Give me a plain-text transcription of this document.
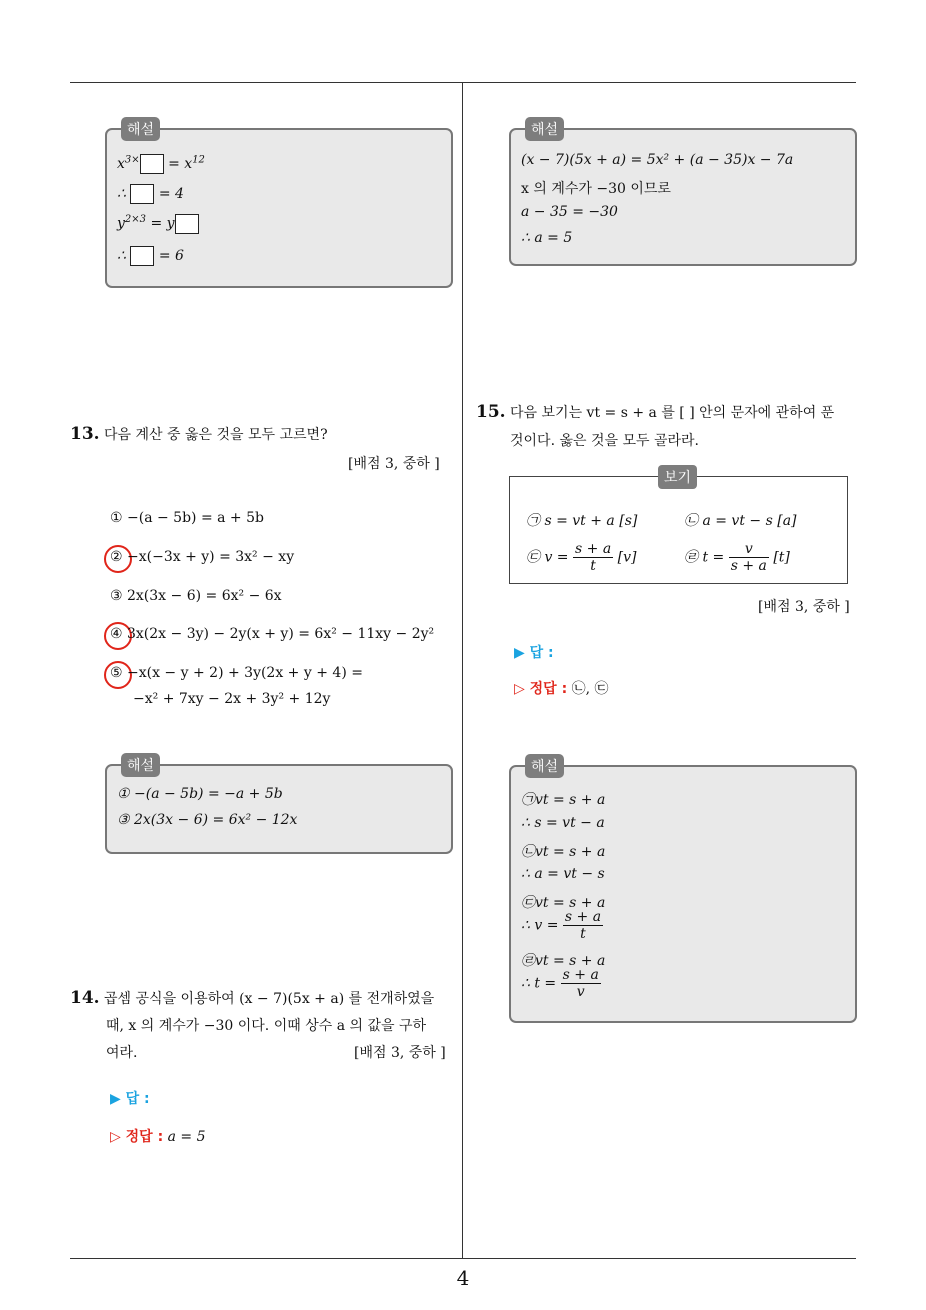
해설
$x^{3\times} = x^{12}$
∴ = 4
$y^{2\times 3} = y$
∴ = 6
해설
(x − 7)(5x + a) = 5x² + (a − 35)x − 7a
x 의 계수가 −30 이므로
a − 35 = −30
∴ a = 5
13. 다음 계산 중 옳은 것을 모두 고르면?
[배점 3, 중하 ]
① −(a − 5b) = a + 5b
② −x(−3x + y) = 3x² − xy
③ 2x(3x − 6) = 6x² − 6x
④ 3x(2x − 3y) − 2y(x + y) = 6x² − 11xy − 2y²
⑤ −x(x − y + 2) + 3y(2x + y + 4) =
−x² + 7xy − 2x + 3y² + 12y
해설
① −(a − 5b) = −a + 5b
③ 2x(3x − 6) = 6x² − 12x
14. 곱셈 공식을 이용하여 (x − 7)(5x + a) 를 전개하였을
때, x 의 계수가 −30 이다. 이때 상수 a 의 값을 구하
여라.	[배점 3, 중하 ]
▶ 답 :
▷ 정답 : a = 5
15. 다음 보기는 vt = s + a 를 [ ] 안의 문자에 관하여 푼
것이다. 옳은 것을 모두 골라라.
보기
㉠ s = vt + a [s]	㉡ a = vt − s [a]
㉢ $v = \frac{s + a}{t} [v]$	㉣ $t = \frac{v}{s + a} [t]$
[배점 3, 중하 ]
▶ 답 :
▷ 정답 : ㉡, ㉢
해설
㉠vt = s + a
∴ s = vt − a
㉡vt = s + a
∴ a = vt − s
㉢vt = s + a
∴ $v = \frac{s + a}{t}$
㉣vt = s + a
∴ $t = \frac{s + a}{v}$
4
